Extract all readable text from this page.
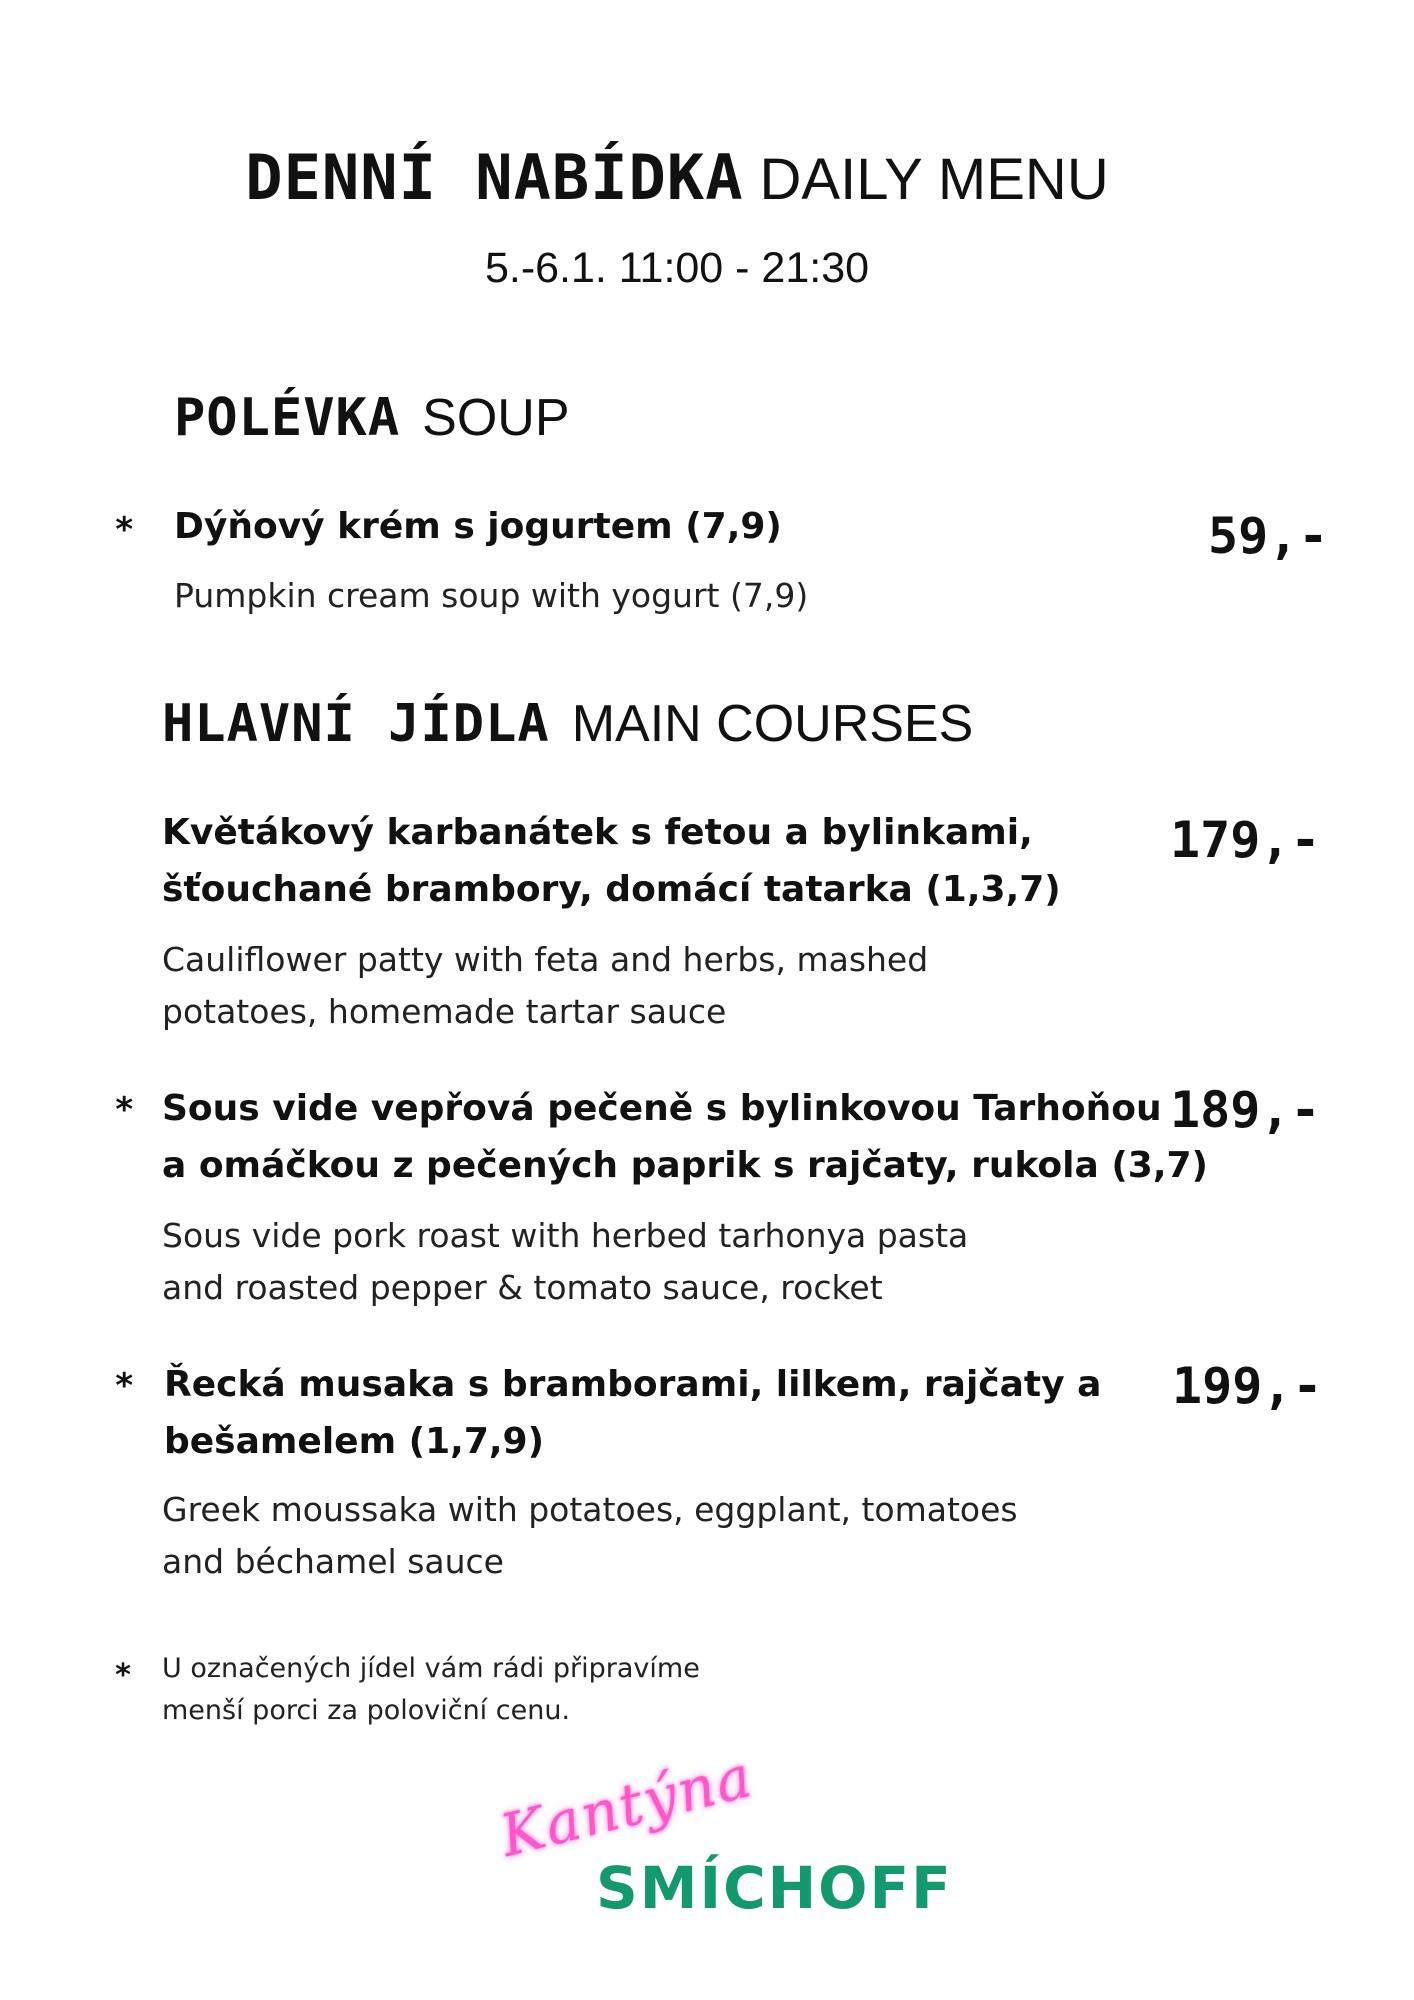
DENNÍ NABÍDKA DAILY MENU
5.-6.1. 11:00 - 21:30
POLÉVKA SOUP
* Dýňový krém s jogurtem (7,9)
Pumpkin cream soup with yogurt (7,9)
59,-
HLAVNÍ JÍDLA MAIN COURSES
Květákový karbanátek s fetou a bylinkami,
šťouchané brambory, domácí tatarka (1,3,7)
Cauliflower patty with feta and herbs, mashed
potatoes, homemade tartar sauce
179,-
* Sous vide vepřová pečeně s bylinkovou Tarhoňou
a omáčkou z pečených paprik s rajčaty, rukola (3,7)
Sous vide pork roast with herbed tarhonya pasta
and roasted pepper & tomato sauce, rocket
189,-
* Řecká musaka s bramborami, lilkem, rajčaty a
bešamelem (1,7,9)
Greek moussaka with potatoes, eggplant, tomatoes
and béchamel sauce
199,-
* U označených jídel vám rádi připravíme
menší porci za poloviční cenu.
Kantýna
SMÍCHOFF
